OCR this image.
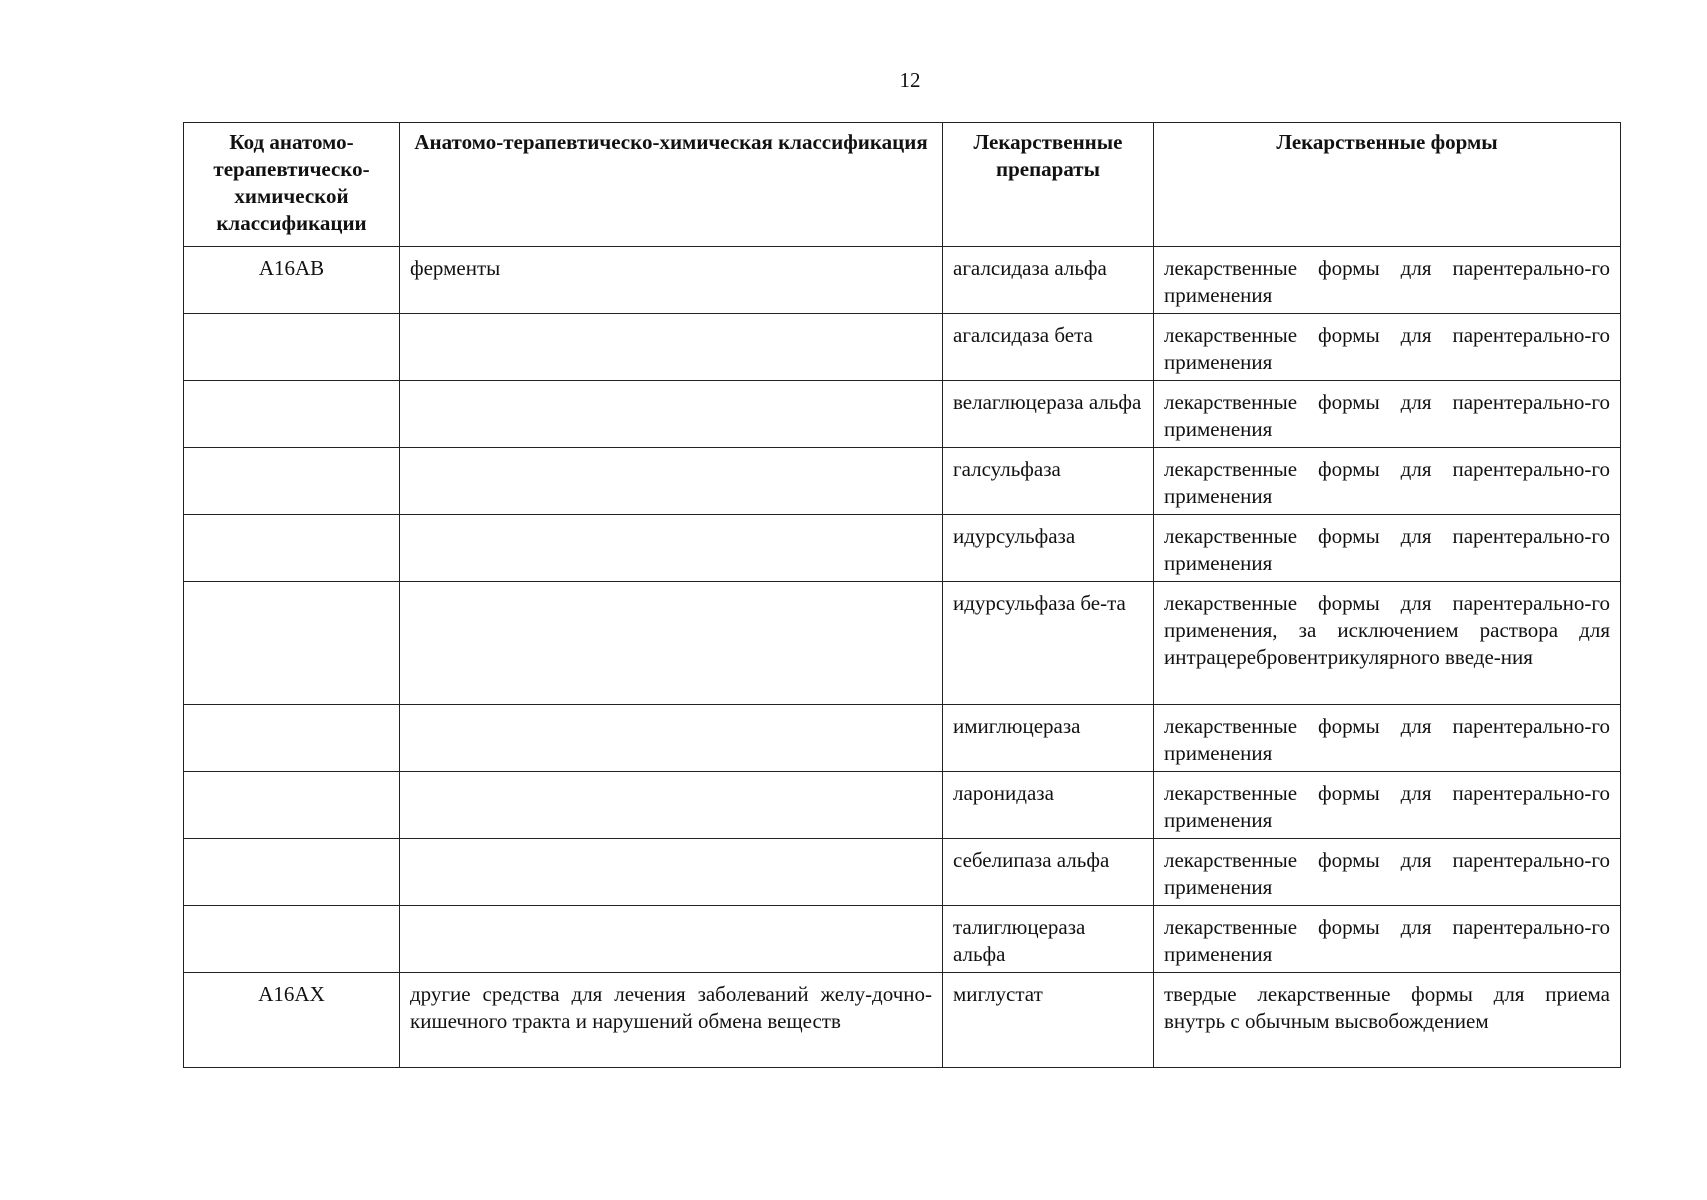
12
Код анатомо-терапевтическо-химической классификации	Анатомо-терапевтическо-химическая классификация	Лекарственные препараты	Лекарственные формы
A16AB	ферменты	агалсидаза альфа	лекарственные формы для парентерально-го применения
		агалсидаза бета	лекарственные формы для парентерально-го применения
		велаглюцераза альфа	лекарственные формы для парентерально-го применения
		галсульфаза	лекарственные формы для парентерально-го применения
		идурсульфаза	лекарственные формы для парентерально-го применения
		идурсульфаза бе-та	лекарственные формы для парентерально-го применения, за исключением раствора для интрацеребровентрикулярного введе-ния
		имиглюцераза	лекарственные формы для парентерально-го применения
		ларонидаза	лекарственные формы для парентерально-го применения
		себелипаза альфа	лекарственные формы для парентерально-го применения
		талиглюцераза альфа	лекарственные формы для парентерально-го применения
A16AX	другие средства для лечения заболеваний желу-дочно-кишечного тракта и нарушений обмена веществ	миглустат	твердые лекарственные формы для приема внутрь с обычным высвобождением
